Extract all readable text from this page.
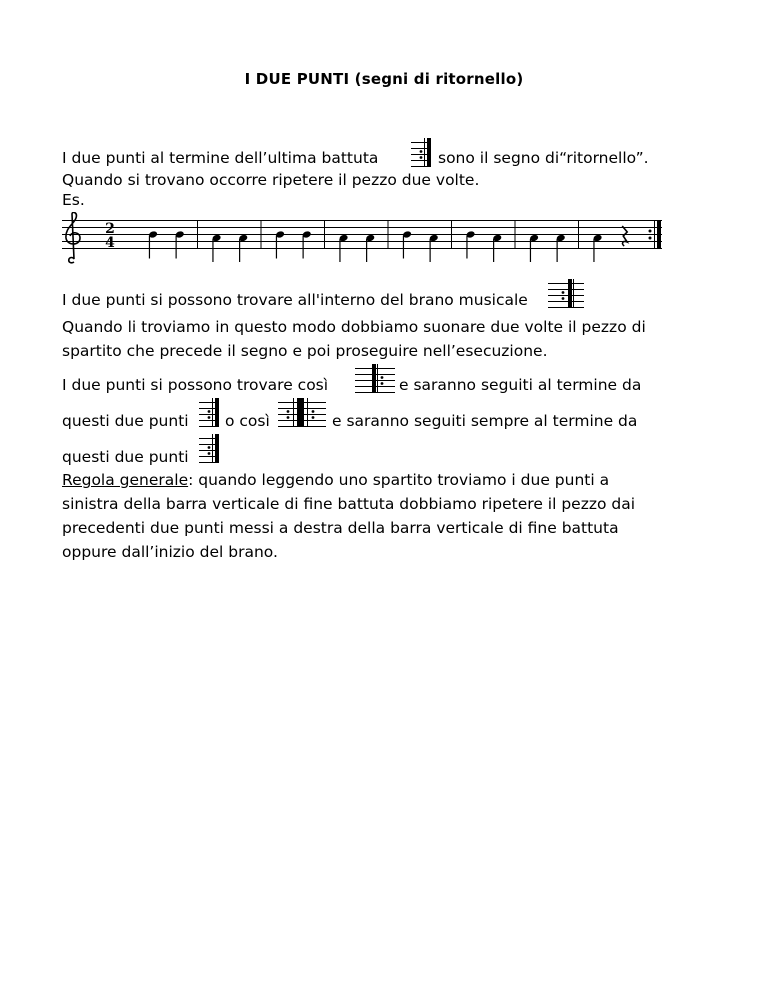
I DUE PUNTI (segni di ritornello)
I due punti al termine dell’ultima battuta	sono il segno di“ritornello”.
Quando si trovano occorre ripetere il pezzo due volte.
Es.
2
4
I due punti si possono trovare all'interno del brano musicale
Quando li troviamo in questo modo dobbiamo suonare due volte il pezzo di
spartito che precede il segno e poi proseguire nell’esecuzione.
I due punti si possono trovare così	e saranno seguiti al termine da
questi due punti o così	e saranno seguiti sempre al termine da
questi due punti
Regola generale: quando leggendo uno spartito troviamo i due punti a
sinistra della barra verticale di fine battuta dobbiamo ripetere il pezzo dai
precedenti due punti messi a destra della barra verticale di fine battuta
oppure dall’inizio del brano.
